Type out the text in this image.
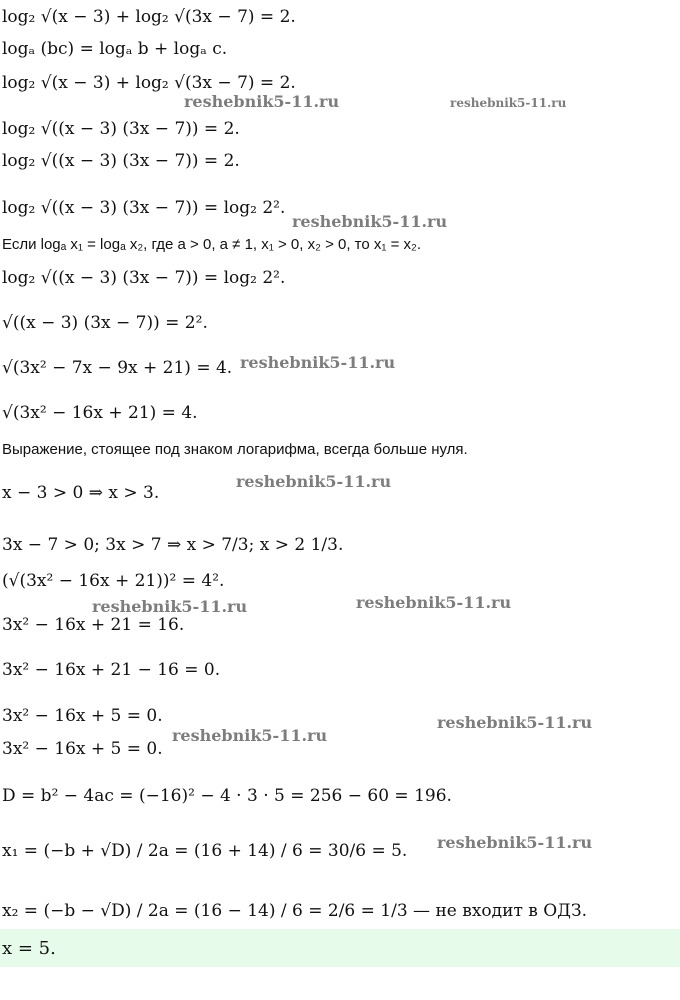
log₂ √(x − 3) + log₂ √(3x − 7) = 2.
logₐ (bc) = logₐ b + logₐ c.
log₂ √(x − 3) + log₂ √(3x − 7) = 2.
log₂ √((x − 3) (3x − 7)) = 2.
log₂ √((x − 3) (3x − 7)) = 2.
log₂ √((x − 3) (3x − 7)) = log₂ 2².
Если logₐ x₁ = logₐ x₂, где a > 0, a ≠ 1, x₁ > 0, x₂ > 0, то x₁ = x₂.
log₂ √((x − 3) (3x − 7)) = log₂ 2².
√((x − 3) (3x − 7)) = 2².
√(3x² − 7x − 9x + 21) = 4.
√(3x² − 16x + 21) = 4.
Выражение, стоящее под знаком логарифма, всегда больше нуля.
x − 3 > 0 ⇒ x > 3.
3x − 7 > 0; 3x > 7 ⇒ x > 7/3; x > 2 1/3.
(√(3x² − 16x + 21))² = 4².
3x² − 16x + 21 = 16.
3x² − 16x + 21 − 16 = 0.
3x² − 16x + 5 = 0.
3x² − 16x + 5 = 0.
D = b² − 4ac = (−16)² − 4 · 3 · 5 = 256 − 60 = 196.
x₁ = (−b + √D) / 2a = (16 + 14) / 6 = 30/6 = 5.
x₂ = (−b − √D) / 2a = (16 − 14) / 6 = 2/6 = 1/3 — не входит в ОДЗ.
x = 5.
reshebnik5-11.ru	reshebnik5-11.ru
reshebnik5-11.ru
reshebnik5-11.ru
reshebnik5-11.ru
reshebnik5-11.ru	reshebnik5-11.ru
reshebnik5-11.ru
reshebnik5-11.ru
reshebnik5-11.ru
